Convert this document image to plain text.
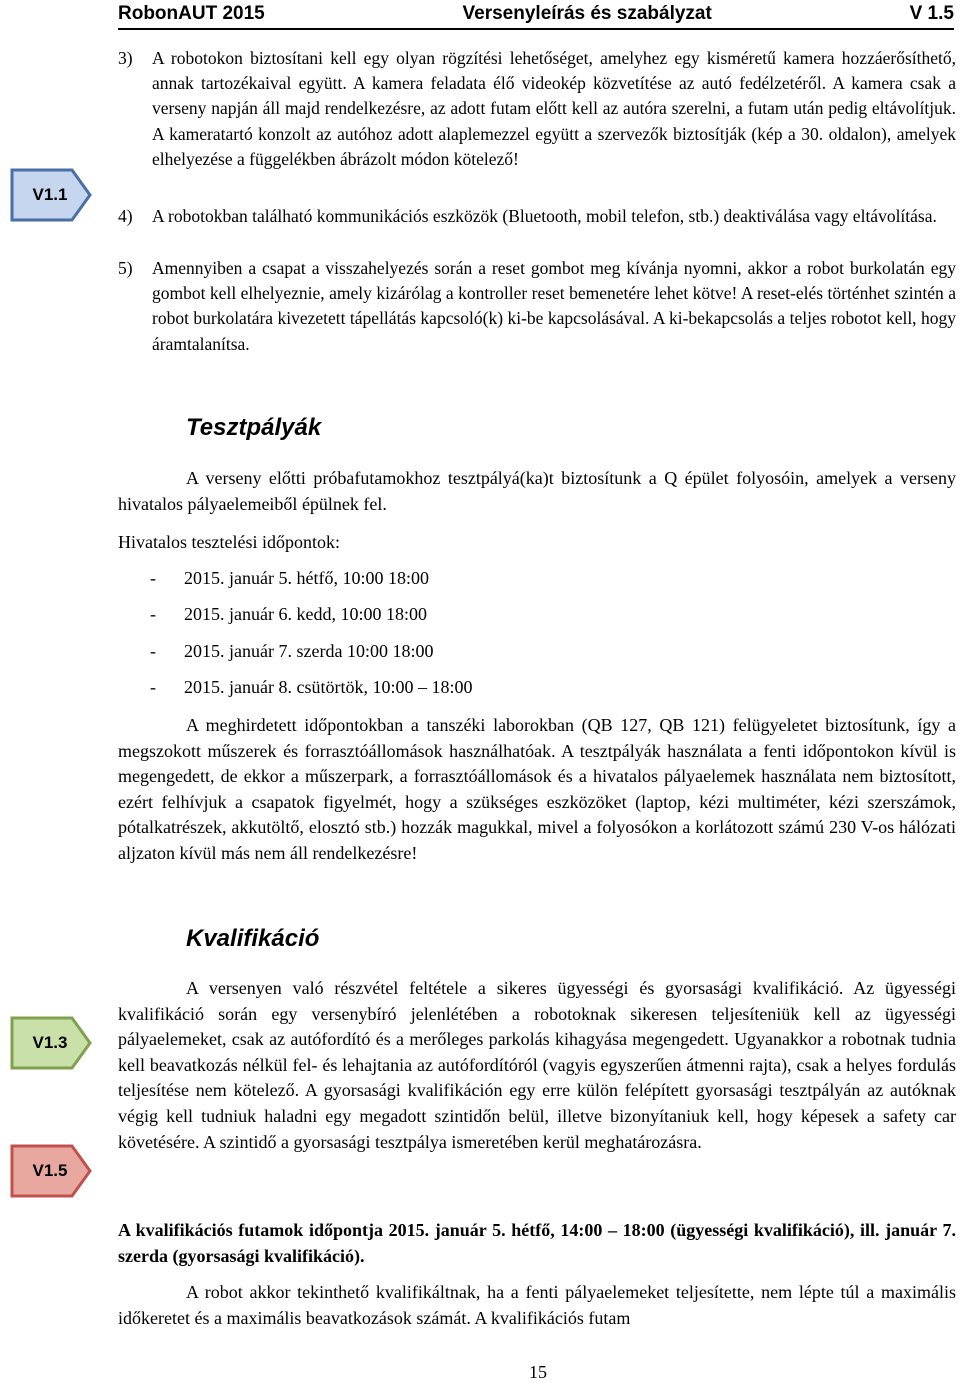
RobonAUT 2015	Versenyleírás és szabályzat	V 1.5
V1.1
V1.3
V1.5
3)	A robotokon biztosítani kell egy olyan rögzítési lehetőséget, amelyhez egy kisméretű kamera hozzáerősíthető, annak tartozékaival együtt. A kamera feladata élő videokép közvetítése az autó fedélzetéről. A kamera csak a verseny napján áll majd rendelkezésre, az adott futam előtt kell az autóra szerelni, a futam után pedig eltávolítjuk. A kameratartó konzolt az autóhoz adott alaplemezzel együtt a szervezők biztosítják (kép a 30. oldalon), amelyek elhelyezése a függelékben ábrázolt módon kötelező!
4)	A robotokban található kommunikációs eszközök (Bluetooth, mobil telefon, stb.) deaktiválása vagy eltávolítása.
5)	Amennyiben a csapat a visszahelyezés során a reset gombot meg kívánja nyomni, akkor a robot burkolatán egy gombot kell elhelyeznie, amely kizárólag a kontroller reset bemenetére lehet kötve! A reset-elés történhet szintén a robot burkolatára kivezetett tápellátás kapcsoló(k) ki-be kapcsolásával. A ki-bekapcsolás a teljes robotot kell, hogy áramtalanítsa.
Tesztpályák

A verseny előtti próbafutamokhoz tesztpályá(ka)t biztosítunk a Q épület folyosóin, amelyek a verseny hivatalos pályaelemeiből épülnek fel.

Hivatalos tesztelési időpontok:
- 2015. január 5. hétfő, 10:00 18:00
- 2015. január 6. kedd, 10:00 18:00
- 2015. január 7. szerda 10:00 18:00
- 2015. január 8. csütörtök, 10:00 – 18:00

A meghirdetett időpontokban a tanszéki laborokban (QB 127, QB 121) felügyeletet biztosítunk, így a megszokott műszerek és forrasztóállomások használhatóak. A tesztpályák használata a fenti időpontokon kívül is megengedett, de ekkor a műszerpark, a forrasztóállomások és a hivatalos pályaelemek használata nem biztosított, ezért felhívjuk a csapatok figyelmét, hogy a szükséges eszközöket (laptop, kézi multiméter, kézi szerszámok, pótalkatrészek, akkutöltő, elosztó stb.) hozzák magukkal, mivel a folyosókon a korlátozott számú 230 V-os hálózati aljzaton kívül más nem áll rendelkezésre!

Kvalifikáció

A versenyen való részvétel feltétele a sikeres ügyességi és gyorsasági kvalifikáció. Az ügyességi kvalifikáció során egy versenybíró jelenlétében a robotoknak sikeresen teljesíteniük kell az ügyességi pályaelemeket, csak az autófordító és a merőleges parkolás kihagyása megengedett. Ugyanakkor a robotnak tudnia kell beavatkozás nélkül fel- és lehajtania az autófordítóról (vagyis egyszerűen átmenni rajta), csak a helyes fordulás teljesítése nem kötelező. A gyorsasági kvalifikáción egy erre külön felépített gyorsasági tesztpályán az autóknak végig kell tudniuk haladni egy megadott szintidőn belül, illetve bizonyítaniuk kell, hogy képesek a safety car követésére. A szintidő a gyorsasági tesztpálya ismeretében kerül meghatározásra.

A kvalifikációs futamok időpontja 2015. január 5. hétfő, 14:00 – 18:00 (ügyességi kvalifikáció), ill. január 7. szerda (gyorsasági kvalifikáció).

A robot akkor tekinthető kvalifikáltnak, ha a fenti pályaelemeket teljesítette, nem lépte túl a maximális időkeretet és a maximális beavatkozások számát. A kvalifikációs futam

15
